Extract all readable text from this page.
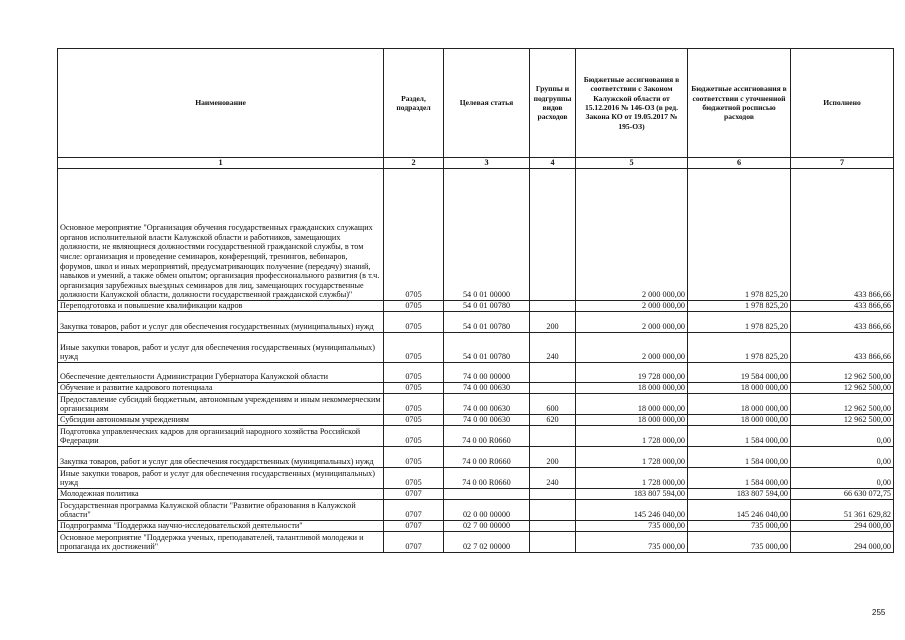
Наименование	Раздел, подраздел	Целевая статья	Группы и подгруппы видов расходов	Бюджетные ассигнования в соответствии с Законом Калужской области от 15.12.2016 № 146-ОЗ (в ред. Закона КО от 19.05.2017 № 195-ОЗ)	Бюджетные ассигнования в соответствии с уточненной бюджетной росписью расходов	Исполнено
1	2	3	4	5	6	7
Основное мероприятие "Организация обучения государственных гражданских служащих органов исполнительной власти Калужской области и работников, замещающих должности, не являющиеся должностями государственной гражданской службы, в том числе: организация и проведение семинаров, конференций, тренингов, вебинаров, форумов, школ и иных мероприятий, предусматривающих получение (передачу) знаний, навыков и умений, а также обмен опытом; организация профессионального развития (в т.ч. организация зарубежных выездных семинаров для лиц, замещающих государственные должности Калужской области, должности государственной гражданской службы)"	0705	54 0 01 00000		2 000 000,00	1 978 825,20	433 866,66
Переподготовка и повышение квалификации кадров	0705	54 0 01 00780		2 000 000,00	1 978 825,20	433 866,66
Закупка товаров, работ и услуг для обеспечения государственных (муниципальных) нужд	0705	54 0 01 00780	200	2 000 000,00	1 978 825,20	433 866,66
Иные закупки товаров, работ и услуг для обеспечения государственных (муниципальных) нужд	0705	54 0 01 00780	240	2 000 000,00	1 978 825,20	433 866,66
Обеспечение деятельности Администрации Губернатора Калужской области	0705	74 0 00 00000		19 728 000,00	19 584 000,00	12 962 500,00
Обучение и развитие кадрового потенциала	0705	74 0 00 00630		18 000 000,00	18 000 000,00	12 962 500,00
Предоставление субсидий бюджетным, автономным учреждениям и иным некоммерческим организациям	0705	74 0 00 00630	600	18 000 000,00	18 000 000,00	12 962 500,00
Субсидии автономным учреждениям	0705	74 0 00 00630	620	18 000 000,00	18 000 000,00	12 962 500,00
Подготовка управленческих кадров для организаций народного хозяйства Российской Федерации	0705	74 0 00 R0660		1 728 000,00	1 584 000,00	0,00
Закупка товаров, работ и услуг для обеспечения государственных (муниципальных) нужд	0705	74 0 00 R0660	200	1 728 000,00	1 584 000,00	0,00
Иные закупки товаров, работ и услуг для обеспечения государственных (муниципальных) нужд	0705	74 0 00 R0660	240	1 728 000,00	1 584 000,00	0,00
Молодежная политика	0707			183 807 594,00	183 807 594,00	66 630 072,75
Государственная программа Калужской области "Развитие образования в Калужской области"	0707	02 0 00 00000		145 246 040,00	145 246 040,00	51 361 629,82
Подпрограмма "Поддержка научно-исследовательской деятельности"	0707	02 7 00 00000		735 000,00	735 000,00	294 000,00
Основное мероприятие "Поддержка ученых, преподавателей, талантливой молодежи и пропаганда их достижений"	0707	02 7 02 00000		735 000,00	735 000,00	294 000,00
255
